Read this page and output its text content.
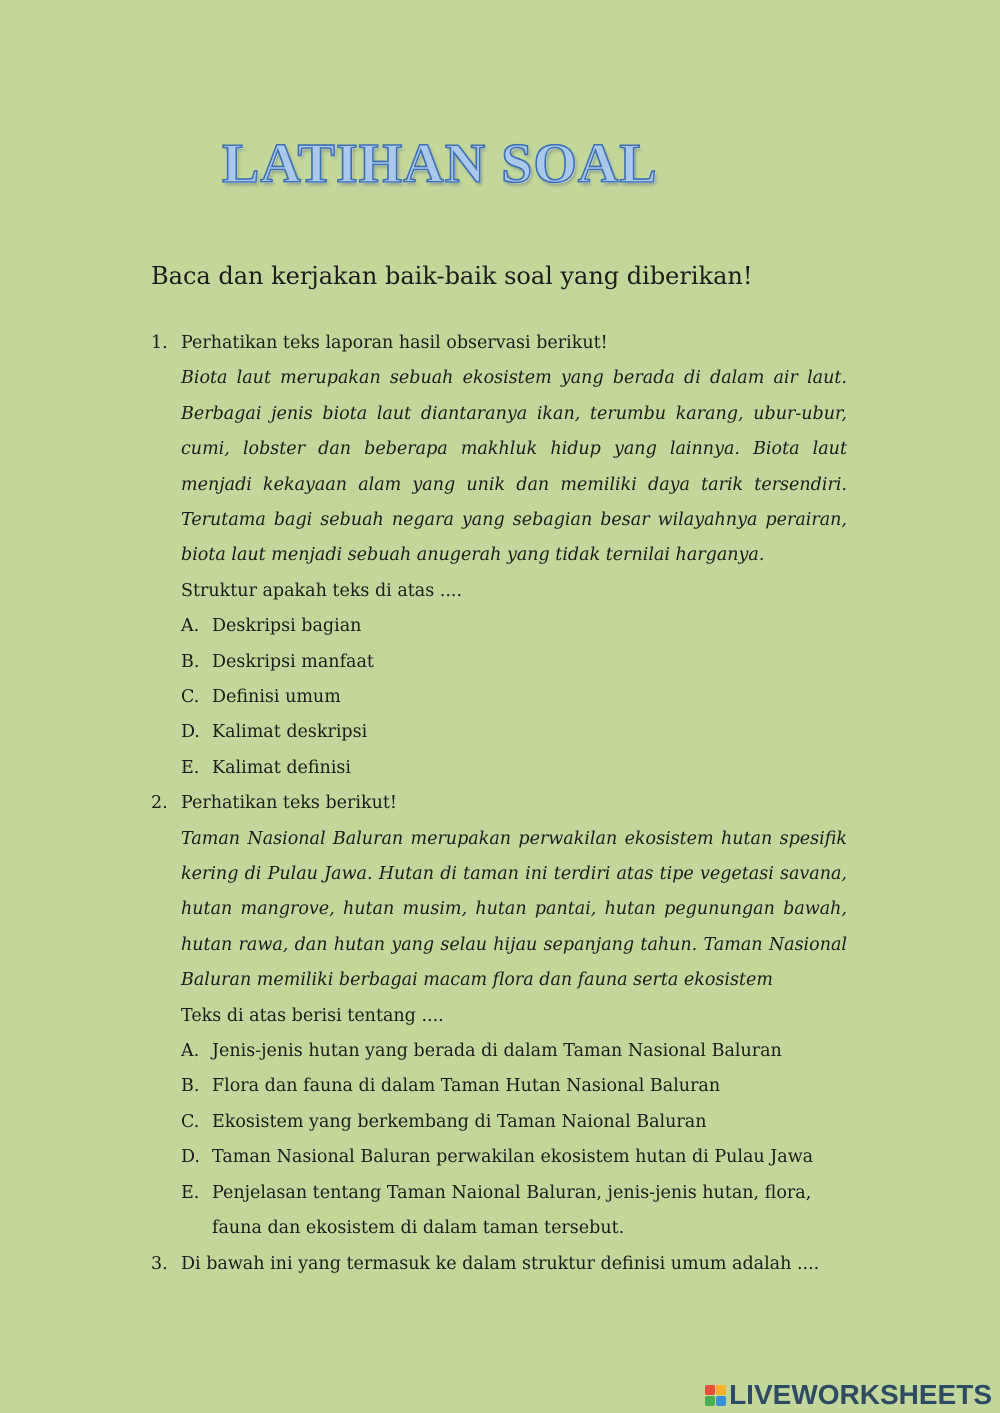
LATIHAN SOAL
Baca dan kerjakan baik-baik soal yang diberikan!
1. Perhatikan teks laporan hasil observasi berikut!
Biota laut merupakan sebuah ekosistem yang berada di dalam air laut. Berbagai jenis biota laut diantaranya ikan, terumbu karang, ubur-ubur, cumi, lobster dan beberapa makhluk hidup yang lainnya. Biota laut menjadi kekayaan alam yang unik dan memiliki daya tarik tersendiri. Terutama bagi sebuah negara yang sebagian besar wilayahnya perairan, biota laut menjadi sebuah anugerah yang tidak ternilai harganya.
Struktur apakah teks di atas ....
A. Deskripsi bagian
B. Deskripsi manfaat
C. Definisi umum
D. Kalimat deskripsi
E. Kalimat definisi
2. Perhatikan teks berikut!
Taman Nasional Baluran merupakan perwakilan ekosistem hutan spesifik kering di Pulau Jawa. Hutan di taman ini terdiri atas tipe vegetasi savana, hutan mangrove, hutan musim, hutan pantai, hutan pegunungan bawah, hutan rawa, dan hutan yang selau hijau sepanjang tahun. Taman Nasional Baluran memiliki berbagai macam flora dan fauna serta ekosistem
Teks di atas berisi tentang ....
A. Jenis-jenis hutan yang berada di dalam Taman Nasional Baluran
B. Flora dan fauna di dalam Taman Hutan Nasional Baluran
C. Ekosistem yang berkembang di Taman Naional Baluran
D. Taman Nasional Baluran perwakilan ekosistem hutan di Pulau Jawa
E. Penjelasan tentang Taman Naional Baluran, jenis-jenis hutan, flora, fauna dan ekosistem di dalam taman tersebut.
3. Di bawah ini yang termasuk ke dalam struktur definisi umum adalah ....
LIVEWORKSHEETS
